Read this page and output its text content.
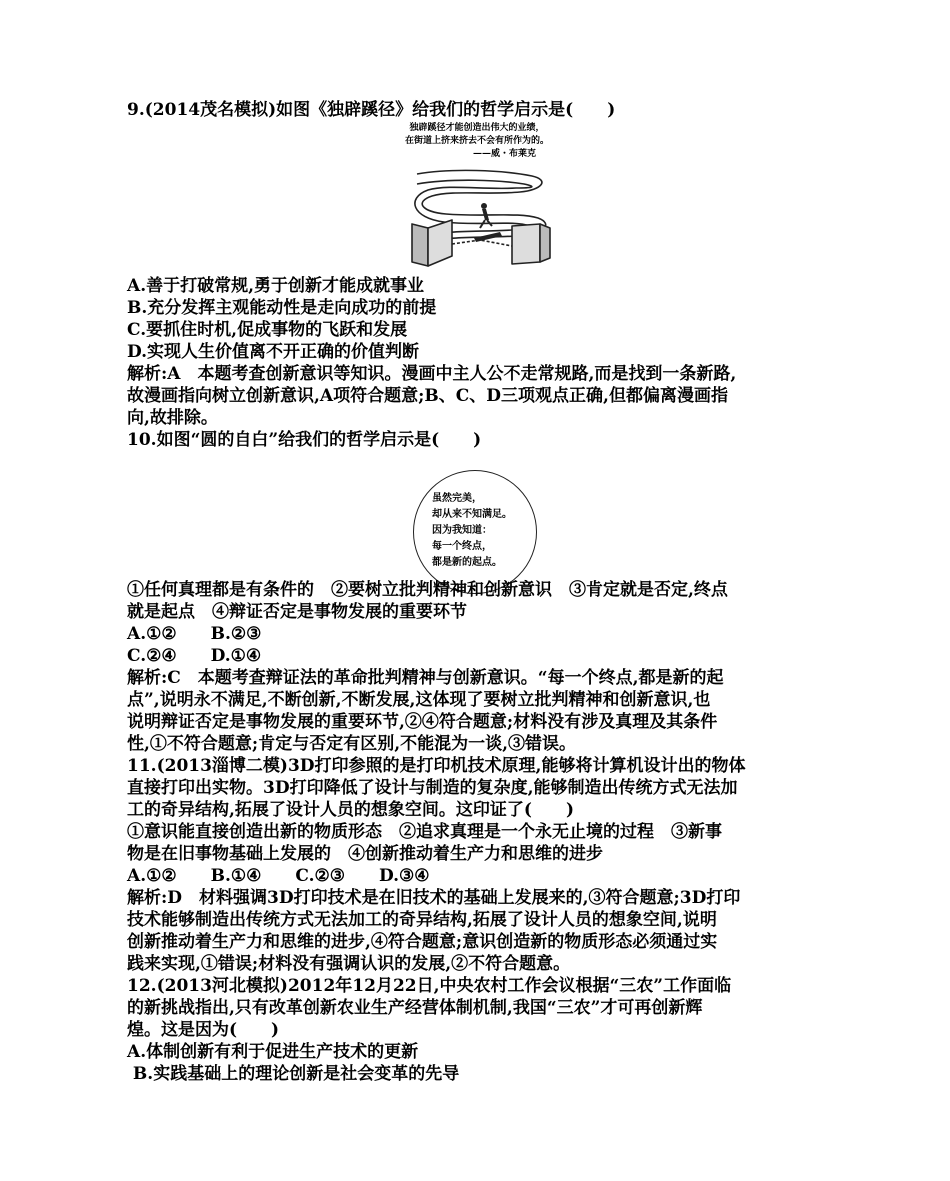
9.(2014茂名模拟)如图《独辟蹊径》给我们的哲学启示是(　　)
独辟蹊径才能创造出伟大的业绩，
在街道上挤来挤去不会有所作为的。
——威・布莱克
A.善于打破常规,勇于创新才能成就事业
B.充分发挥主观能动性是走向成功的前提
C.要抓住时机,促成事物的飞跃和发展
D.实现人生价值离不开正确的价值判断
解析:A　本题考查创新意识等知识。漫画中主人公不走常规路,而是找到一条新路,
故漫画指向树立创新意识,A项符合题意;B、C、D三项观点正确,但都偏离漫画指
向,故排除。
10.如图“圆的自白”给我们的哲学启示是(　　)
虽然完美，
却从来不知满足。
因为我知道：
每一个终点，
都是新的起点。
①任何真理都是有条件的　②要树立批判精神和创新意识　③肯定就是否定,终点
就是起点　④辩证否定是事物发展的重要环节
A.①②　　B.②③
C.②④　　D.①④
解析:C　本题考查辩证法的革命批判精神与创新意识。“每一个终点,都是新的起
点”,说明永不满足,不断创新,不断发展,这体现了要树立批判精神和创新意识,也
说明辩证否定是事物发展的重要环节,②④符合题意;材料没有涉及真理及其条件
性,①不符合题意;肯定与否定有区别,不能混为一谈,③错误。
11.(2013淄博二模)3D打印参照的是打印机技术原理,能够将计算机设计出的物体
直接打印出实物。3D打印降低了设计与制造的复杂度,能够制造出传统方式无法加
工的奇异结构,拓展了设计人员的想象空间。这印证了(　　)
①意识能直接创造出新的物质形态　②追求真理是一个永无止境的过程　③新事
物是在旧事物基础上发展的　④创新推动着生产力和思维的进步
A.①②　　B.①④　　C.②③　　D.③④
解析:D　材料强调3D打印技术是在旧技术的基础上发展来的,③符合题意;3D打印
技术能够制造出传统方式无法加工的奇异结构,拓展了设计人员的想象空间,说明
创新推动着生产力和思维的进步,④符合题意;意识创造新的物质形态必须通过实
践来实现,①错误;材料没有强调认识的发展,②不符合题意。
12.(2013河北模拟)2012年12月22日,中央农村工作会议根据“三农”工作面临
的新挑战指出,只有改革创新农业生产经营体制机制,我国“三农”才可再创新辉
煌。这是因为(　　)
A.体制创新有利于促进生产技术的更新
B.实践基础上的理论创新是社会变革的先导
